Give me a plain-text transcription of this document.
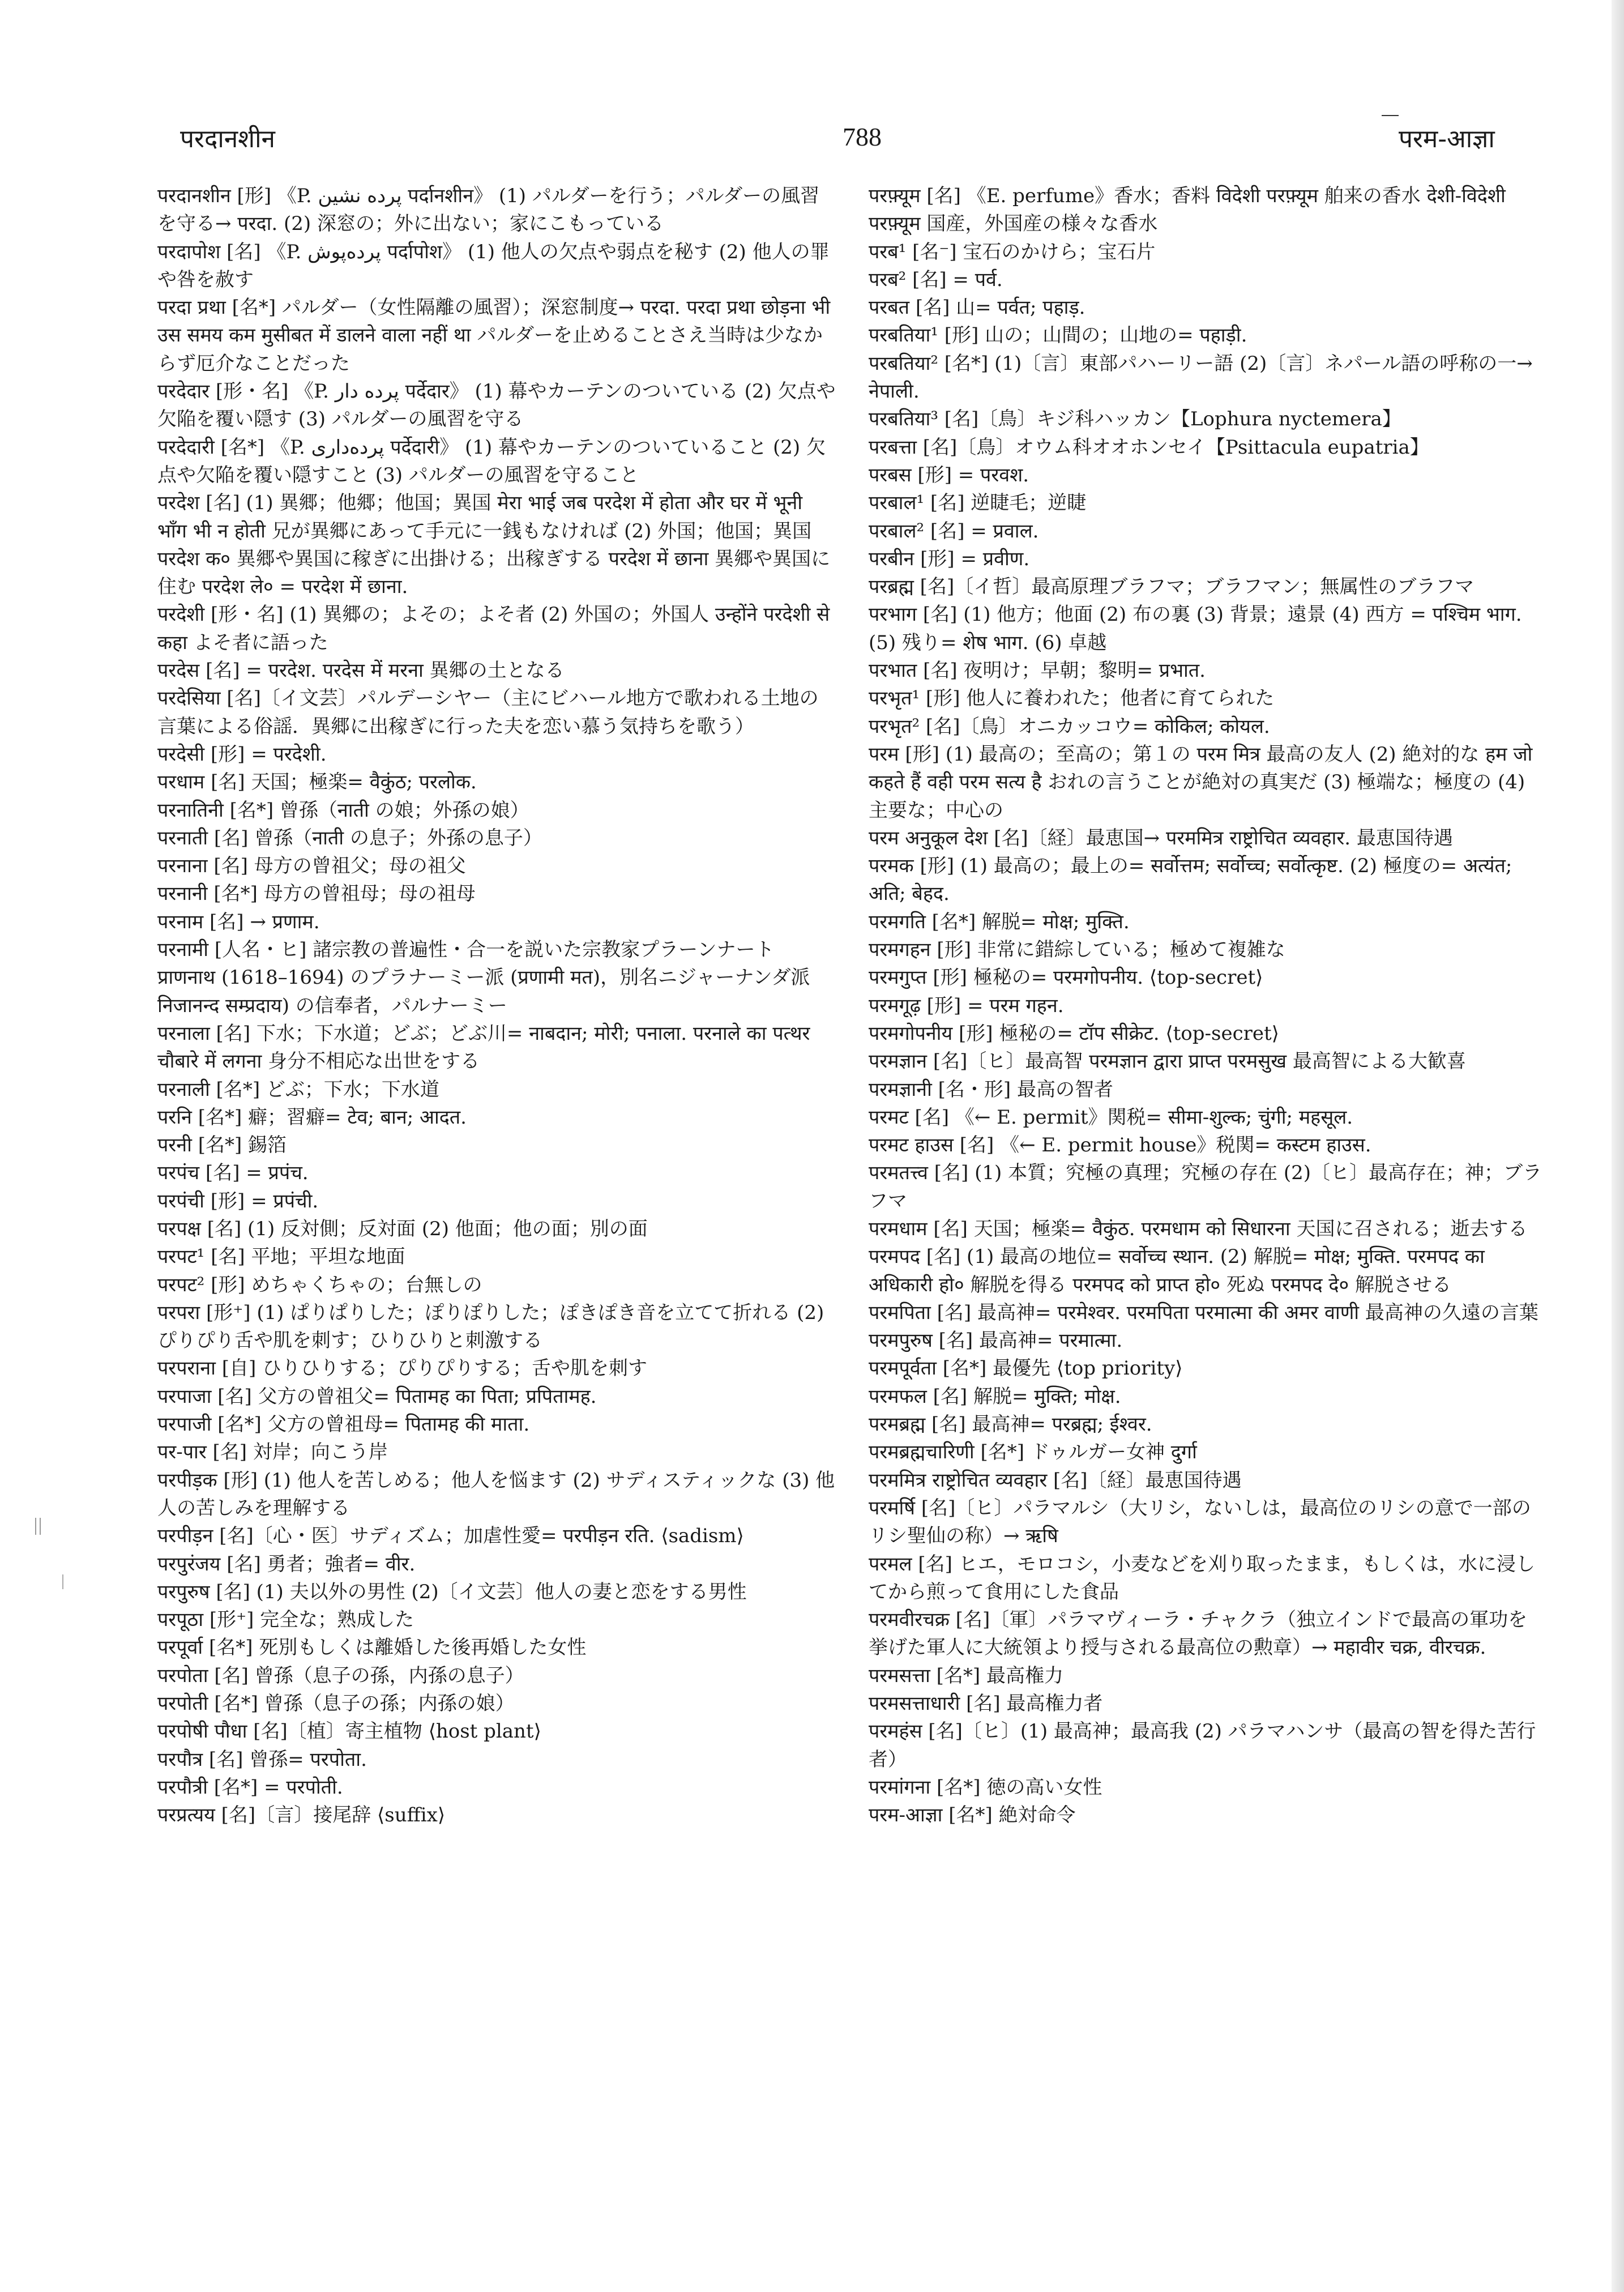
परदानशीन	788	परम-आज्ञा
परदानशीन [形] 《P. پرده نشین पर्दानशीन》 (1) パルダーを行う；パルダーの風習を守る→ परदा. (2) 深窓の；外に出ない；家にこもっている
परदापोश [名] 《P. پرده‌پوش पर्दापोश》 (1) 他人の欠点や弱点を秘す (2) 他人の罪や咎を赦す
परदा प्रथा [名*] パルダー（女性隔離の風習）；深窓制度→ परदा. परदा प्रथा छोड़ना भी उस समय कम मुसीबत में डालने वाला नहीं था パルダーを止めることさえ当時は少なからず厄介なことだった
परदेदार [形・名] 《P. پرده دار पर्देदार》 (1) 幕やカーテンのついている (2) 欠点や欠陥を覆い隠す (3) パルダーの風習を守る
परदेदारी [名*] 《P. پرده‌داری पर्देदारी》 (1) 幕やカーテンのついていること (2) 欠点や欠陥を覆い隠すこと (3) パルダーの風習を守ること
परदेश [名] (1) 異郷；他郷；他国；異国 मेरा भाई जब परदेश में होता और घर में भूनी भाँग भी न होती 兄が異郷にあって手元に一銭もなければ (2) 外国；他国；異国 परदेश क० 異郷や異国に稼ぎに出掛ける；出稼ぎする परदेश में छाना 異郷や異国に住む परदेश ले० = परदेश में छाना.
परदेशी [形・名] (1) 異郷の；よその；よそ者 (2) 外国の；外国人 उन्होंने परदेशी से कहा よそ者に語った
परदेस [名] = परदेश. परदेस में मरना 異郷の土となる
परदेसिया [名]〔イ文芸〕パルデーシヤー（主にビハール地方で歌われる土地の言葉による俗謡．異郷に出稼ぎに行った夫を恋い慕う気持ちを歌う）
परदेसी [形] = परदेशी.
परधाम [名] 天国；極楽= वैकुंठ; परलोक.
परनातिनी [名*] 曾孫（नाती の娘；外孫の娘）
परनाती [名] 曾孫（नाती の息子；外孫の息子）
परनाना [名] 母方の曾祖父；母の祖父
परनानी [名*] 母方の曾祖母；母の祖母
परनाम [名] → प्रणाम.
परनामी [人名・ヒ] 諸宗教の普遍性・合一を説いた宗教家プラーンナート प्राणनाथ (1618–1694) のプラナーミー派 (प्रणामी मत)，別名ニジャーナンダ派 निजानन्द सम्प्रदाय) の信奉者，パルナーミー
परनाला [名] 下水；下水道；どぶ；どぶ川= नाबदान; मोरी; पनाला. परनाले का पत्थर चौबारे में लगना 身分不相応な出世をする
परनाली [名*] どぶ；下水；下水道
परनि [名*] 癖；習癖= टेव; बान; आदत.
परनी [名*] 錫箔
परपंच [名] = प्रपंच.
परपंची [形] = प्रपंची.
परपक्ष [名] (1) 反対側；反対面 (2) 他面；他の面；別の面
परपट¹ [名] 平地；平坦な地面
परपट² [形] めちゃくちゃの；台無しの
परपरा [形⁺] (1) ぱりぱりした；ぽりぽりした；ぽきぽき音を立てて折れる (2) ぴりぴり舌や肌を刺す；ひりひりと刺激する
परपराना [自] ひりひりする；ぴりぴりする；舌や肌を刺す
परपाजा [名] 父方の曾祖父= पितामह का पिता; प्रपितामह.
परपाजी [名*] 父方の曾祖母= पितामह की माता.
पर-पार [名] 対岸；向こう岸
परपीड़क [形] (1) 他人を苦しめる；他人を悩ます (2) サディスティックな (3) 他人の苦しみを理解する
परपीड़न [名]〔心・医〕サディズム；加虐性愛= परपीड़न रति. ⟨sadism⟩
परपुरंजय [名] 勇者；強者= वीर.
परपुरुष [名] (1) 夫以外の男性 (2)〔イ文芸〕他人の妻と恋をする男性
परपूठा [形⁺] 完全な；熟成した
परपूर्वा [名*] 死別もしくは離婚した後再婚した女性
परपोता [名] 曾孫（息子の孫，内孫の息子）
परपोती [名*] 曾孫（息子の孫；内孫の娘）
परपोषी पौधा [名]〔植〕寄主植物 ⟨host plant⟩
परपौत्र [名] 曾孫= परपोता.
परपौत्री [名*] = परपोती.
परप्रत्यय [名]〔言〕接尾辞 ⟨suffix⟩
परफ़्यूम [名] 《E. perfume》香水；香料 विदेशी परफ़्यूम 舶来の香水 देशी-विदेशी परफ़्यूम 国産，外国産の様々な香水
परब¹ [名⁻] 宝石のかけら；宝石片
परब² [名] = पर्व.
परबत [名] 山= पर्वत; पहाड़.
परबतिया¹ [形] 山の；山間の；山地の= पहाड़ी.
परबतिया² [名*] (1)〔言〕東部パハーリー語 (2)〔言〕ネパール語の呼称の一→ नेपाली.
परबतिया³ [名]〔鳥〕キジ科ハッカン【Lophura nyctemera】
परबत्ता [名]〔鳥〕オウム科オオホンセイ【Psittacula eupatria】
परबस [形] = परवश.
परबाल¹ [名] 逆睫毛；逆睫
परबाल² [名] = प्रवाल.
परबीन [形] = प्रवीण.
परब्रह्म [名]〔イ哲〕最高原理ブラフマ；ブラフマン；無属性のブラフマ
परभाग [名] (1) 他方；他面 (2) 布の裏 (3) 背景；遠景 (4) 西方 = पश्चिम भाग. (5) 残り= शेष भाग. (6) 卓越
परभात [名] 夜明け；早朝；黎明= प्रभात.
परभृत¹ [形] 他人に養われた；他者に育てられた
परभृत² [名]〔鳥〕オニカッコウ= कोकिल; कोयल.
परम [形] (1) 最高の；至高の；第１の परम मित्र 最高の友人 (2) 絶対的な हम जो कहते हैं वही परम सत्य है おれの言うことが絶対の真実だ (3) 極端な；極度の (4) 主要な；中心の
परम अनुकूल देश [名]〔経〕最恵国→ परममित्र राष्ट्रोचित व्यवहार. 最恵国待遇
परमक [形] (1) 最高の；最上の= सर्वोत्तम; सर्वोच्च; सर्वोत्कृष्ट. (2) 極度の= अत्यंत; अति; बेहद.
परमगति [名*] 解脱= मोक्ष; मुक्ति.
परमगहन [形] 非常に錯綜している；極めて複雑な
परमगुप्त [形] 極秘の= परमगोपनीय. ⟨top-secret⟩
परमगूढ़ [形] = परम गहन.
परमगोपनीय [形] 極秘の= टॉप सीक्रेट. ⟨top-secret⟩
परमज्ञान [名]〔ヒ〕最高智 परमज्ञान द्वारा प्राप्त परमसुख 最高智による大歓喜
परमज्ञानी [名・形] 最高の智者
परमट [名] 《← E. permit》関税= सीमा-शुल्क; चुंगी; महसूल.
परमट हाउस [名] 《← E. permit house》税関= कस्टम हाउस.
परमतत्त्व [名] (1) 本質；究極の真理；究極の存在 (2)〔ヒ〕最高存在；神；ブラフマ
परमधाम [名] 天国；極楽= वैकुंठ. परमधाम को सिधारना 天国に召される；逝去する
परमपद [名] (1) 最高の地位= सर्वोच्च स्थान. (2) 解脱= मोक्ष; मुक्ति. परमपद का अधिकारी हो० 解脱を得る परमपद को प्राप्त हो० 死ぬ परमपद दे० 解脱させる
परमपिता [名] 最高神= परमेश्वर. परमपिता परमात्मा की अमर वाणी 最高神の久遠の言葉
परमपुरुष [名] 最高神= परमात्मा.
परमपूर्वता [名*] 最優先 ⟨top priority⟩
परमफल [名] 解脱= मुक्ति; मोक्ष.
परमब्रह्म [名] 最高神= परब्रह्म; ईश्वर.
परमब्रह्मचारिणी [名*] ドゥルガー女神 दुर्गा
परममित्र राष्ट्रोचित व्यवहार [名]〔経〕最恵国待遇
परमर्षि [名]〔ヒ〕パラマルシ（大リシ，ないしは，最高位のリシの意で一部のリシ聖仙の称）→ ऋषि
परमल [名] ヒエ，モロコシ，小麦などを刈り取ったまま，もしくは，水に浸してから煎って食用にした食品
परमवीरचक्र [名]〔軍〕パラマヴィーラ・チャクラ（独立インドで最高の軍功を挙げた軍人に大統領より授与される最高位の勲章）→ महावीर चक्र, वीरचक्र.
परमसत्ता [名*] 最高権力
परमसत्ताधारी [名] 最高権力者
परमहंस [名]〔ヒ〕(1) 最高神；最高我 (2) パラマハンサ（最高の智を得た苦行者）
परमांगना [名*] 徳の高い女性
परम-आज्ञा [名*] 絶対命令
